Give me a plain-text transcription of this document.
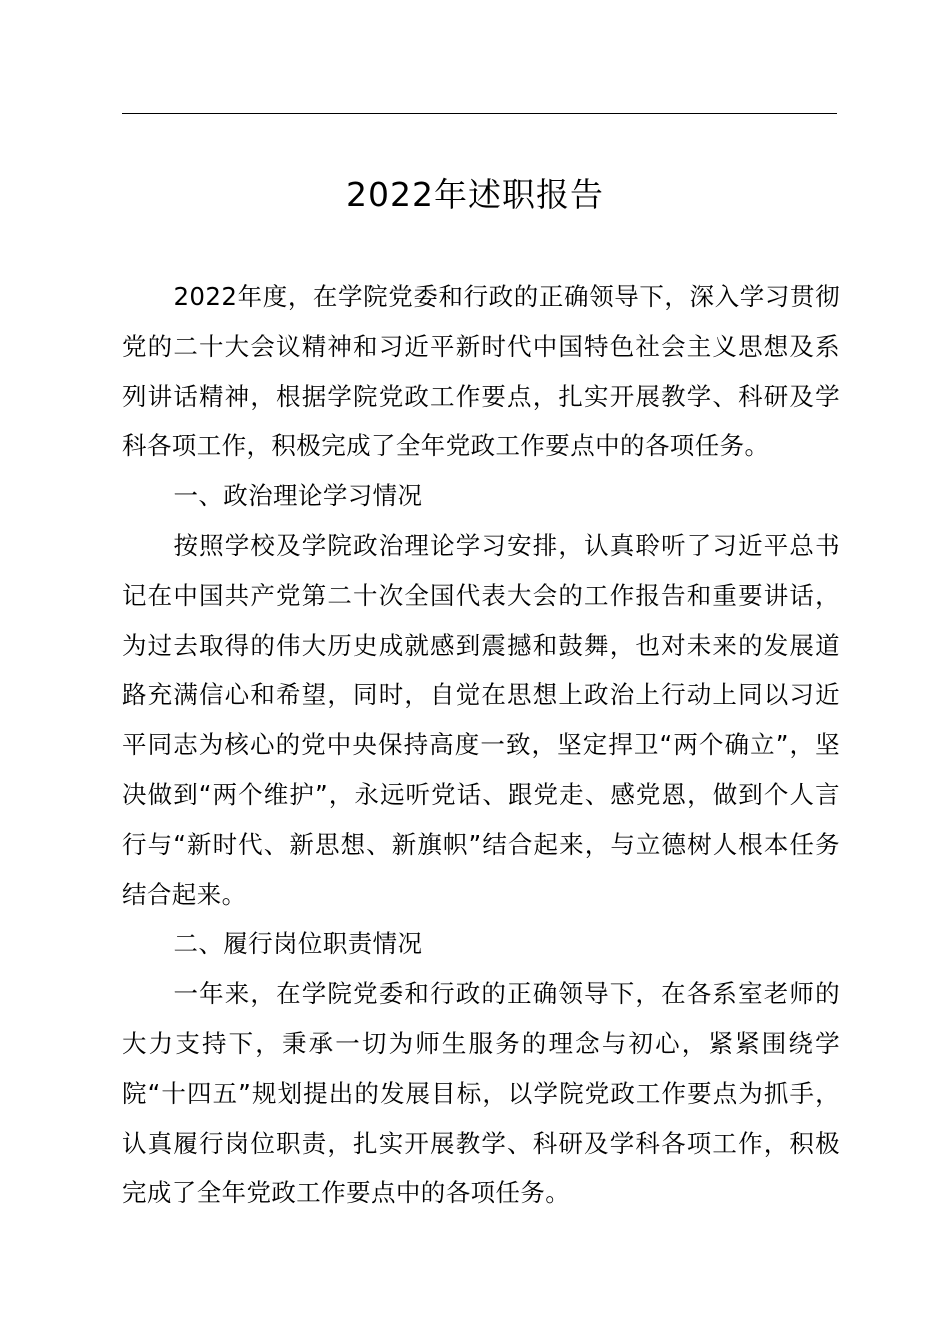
2022年述职报告

2022年度，在学院党委和行政的正确领导下，深入学习贯彻党的二十大会议精神和习近平新时代中国特色社会主义思想及系列讲话精神，根据学院党政工作要点，扎实开展教学、科研及学科各项工作，积极完成了全年党政工作要点中的各项任务。

一、政治理论学习情况

按照学校及学院政治理论学习安排，认真聆听了习近平总书记在中国共产党第二十次全国代表大会的工作报告和重要讲话，为过去取得的伟大历史成就感到震撼和鼓舞，也对未来的发展道路充满信心和希望，同时，自觉在思想上政治上行动上同以习近平同志为核心的党中央保持高度一致，坚定捍卫“两个确立”，坚决做到“两个维护”，永远听党话、跟党走、感党恩，做到个人言行与“新时代、新思想、新旗帜”结合起来，与立德树人根本任务结合起来。

二、履行岗位职责情况

一年来，在学院党委和行政的正确领导下，在各系室老师的大力支持下，秉承一切为师生服务的理念与初心，紧紧围绕学院“十四五”规划提出的发展目标，以学院党政工作要点为抓手，认真履行岗位职责，扎实开展教学、科研及学科各项工作，积极完成了全年党政工作要点中的各项任务。
